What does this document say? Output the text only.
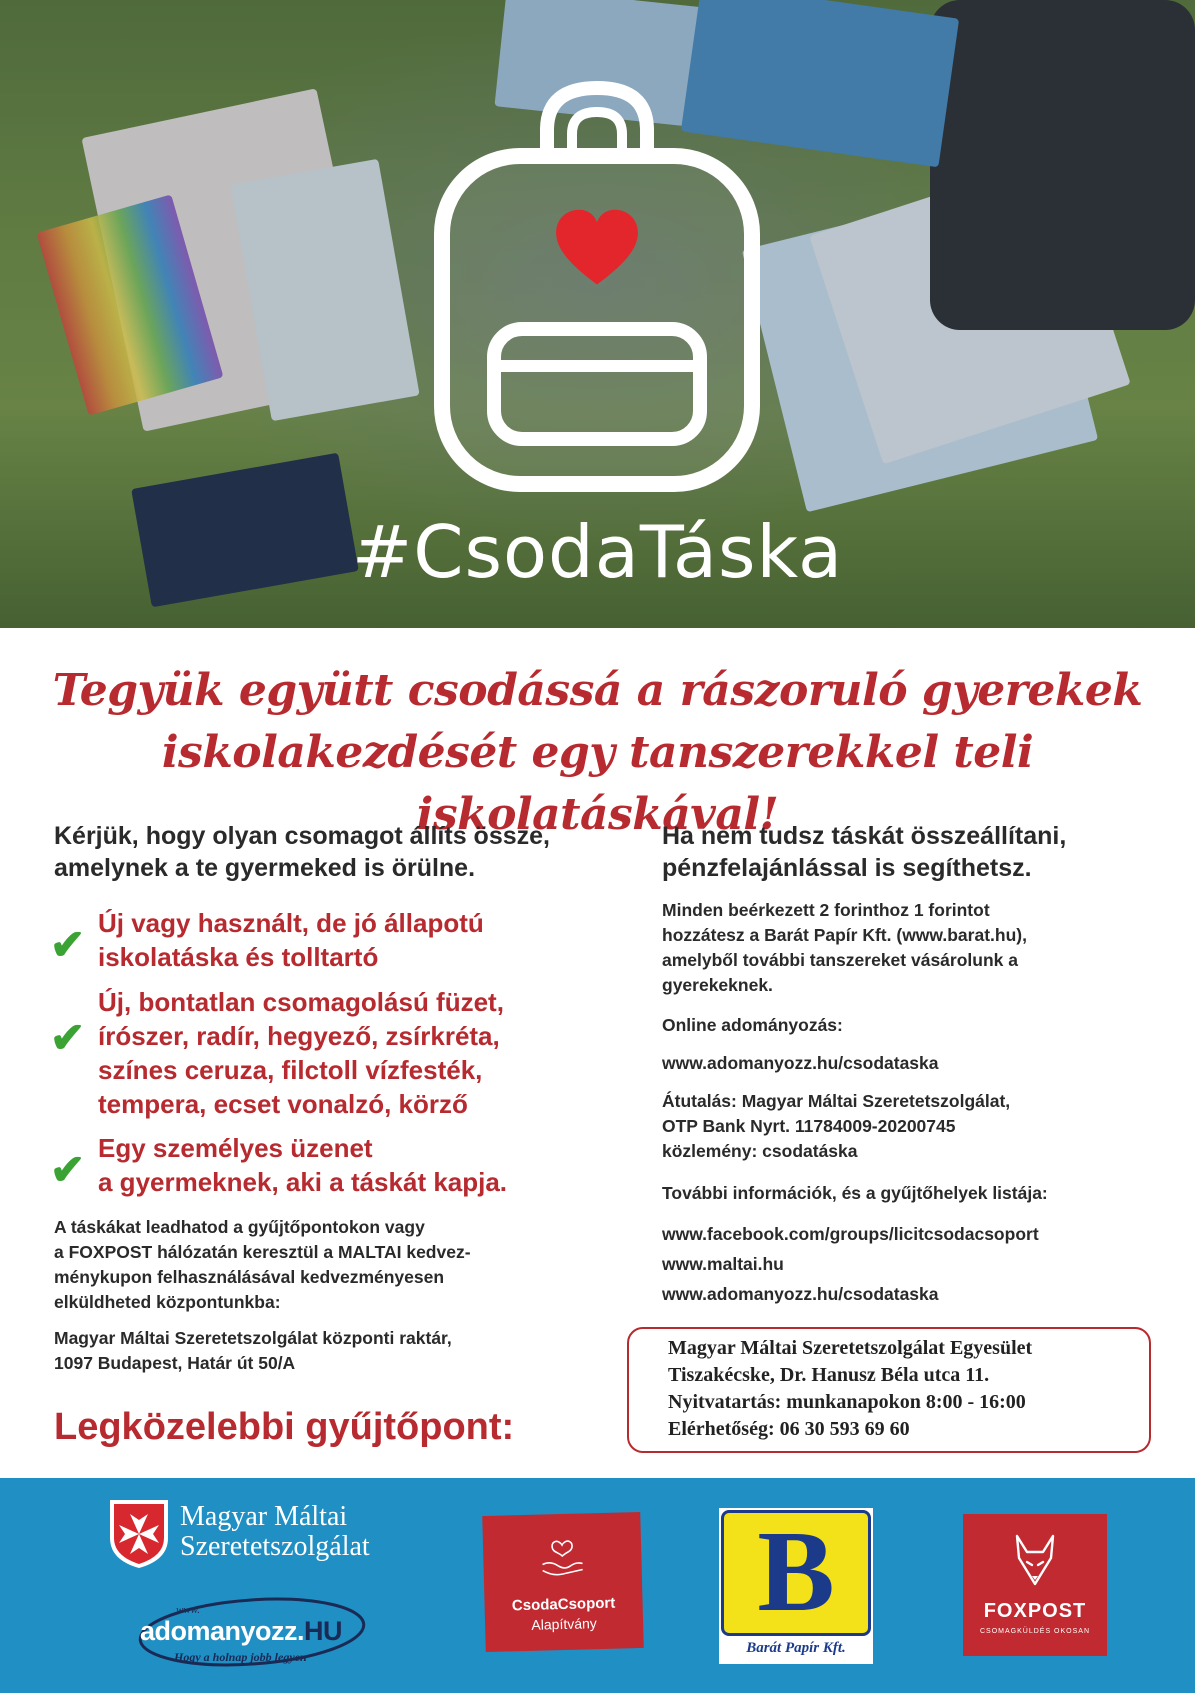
#CsodaTáska
Tegyük együtt csodássá a rászoruló gyerekek
iskolakezdését egy tanszerekkel teli iskolatáskával!
Kérjük, hogy olyan csomagot állíts össze,
amelynek a te gyermeked is örülne.
✔ Új vagy használt, de jó állapotú
iskolatáska és tolltartó
✔
Új, bontatlan csomagolású füzet,
írószer, radír, hegyező, zsírkréta,
színes ceruza, filctoll vízfesték,
tempera, ecset vonalzó, körző
✔ Egy személyes üzenet
a gyermeknek, aki a táskát kapja.
A táskákat leadhatod a gyűjtőpontokon vagy
a FOXPOST hálózatán keresztül a MALTAI kedvez-
ménykupon felhasználásával kedvezményesen
elküldheted központunkba:
Magyar Máltai Szeretetszolgálat központi raktár,
1097 Budapest, Határ út 50/A
Legközelebbi gyűjtőpont:
Ha nem tudsz táskát összeállítani,
pénzfelajánlással is segíthetsz.
Minden beérkezett 2 forinthoz 1 forintot
hozzátesz a Barát Papír Kft. (www.barat.hu),
amelyből további tanszereket vásárolunk a
gyerekeknek.
Online adományozás:
www.adomanyozz.hu/csodataska
Átutalás: Magyar Máltai Szeretetszolgálat,
OTP Bank Nyrt. 11784009-20200745
közlemény: csodatáska
További információk, és a gyűjtőhelyek listája:
www.facebook.com/groups/licitcsodacsoport
www.maltai.hu
www.adomanyozz.hu/csodataska
Magyar Máltai Szeretetszolgálat Egyesület
Tiszakécske, Dr. Hanusz Béla utca 11.
Nyitvatartás: munkanapokon 8:00 - 16:00
Elérhetőség: 06 30 593 69 60
Magyar Máltai
Szeretetszolgálat
www.
adomanyozz.HU
Hogy a holnap jobb legyen
CsodaCsoport
Alapítvány	B
Barát Papír Kft.
FOXPOST
CSOMAGKÜLDÉS OKOSAN
